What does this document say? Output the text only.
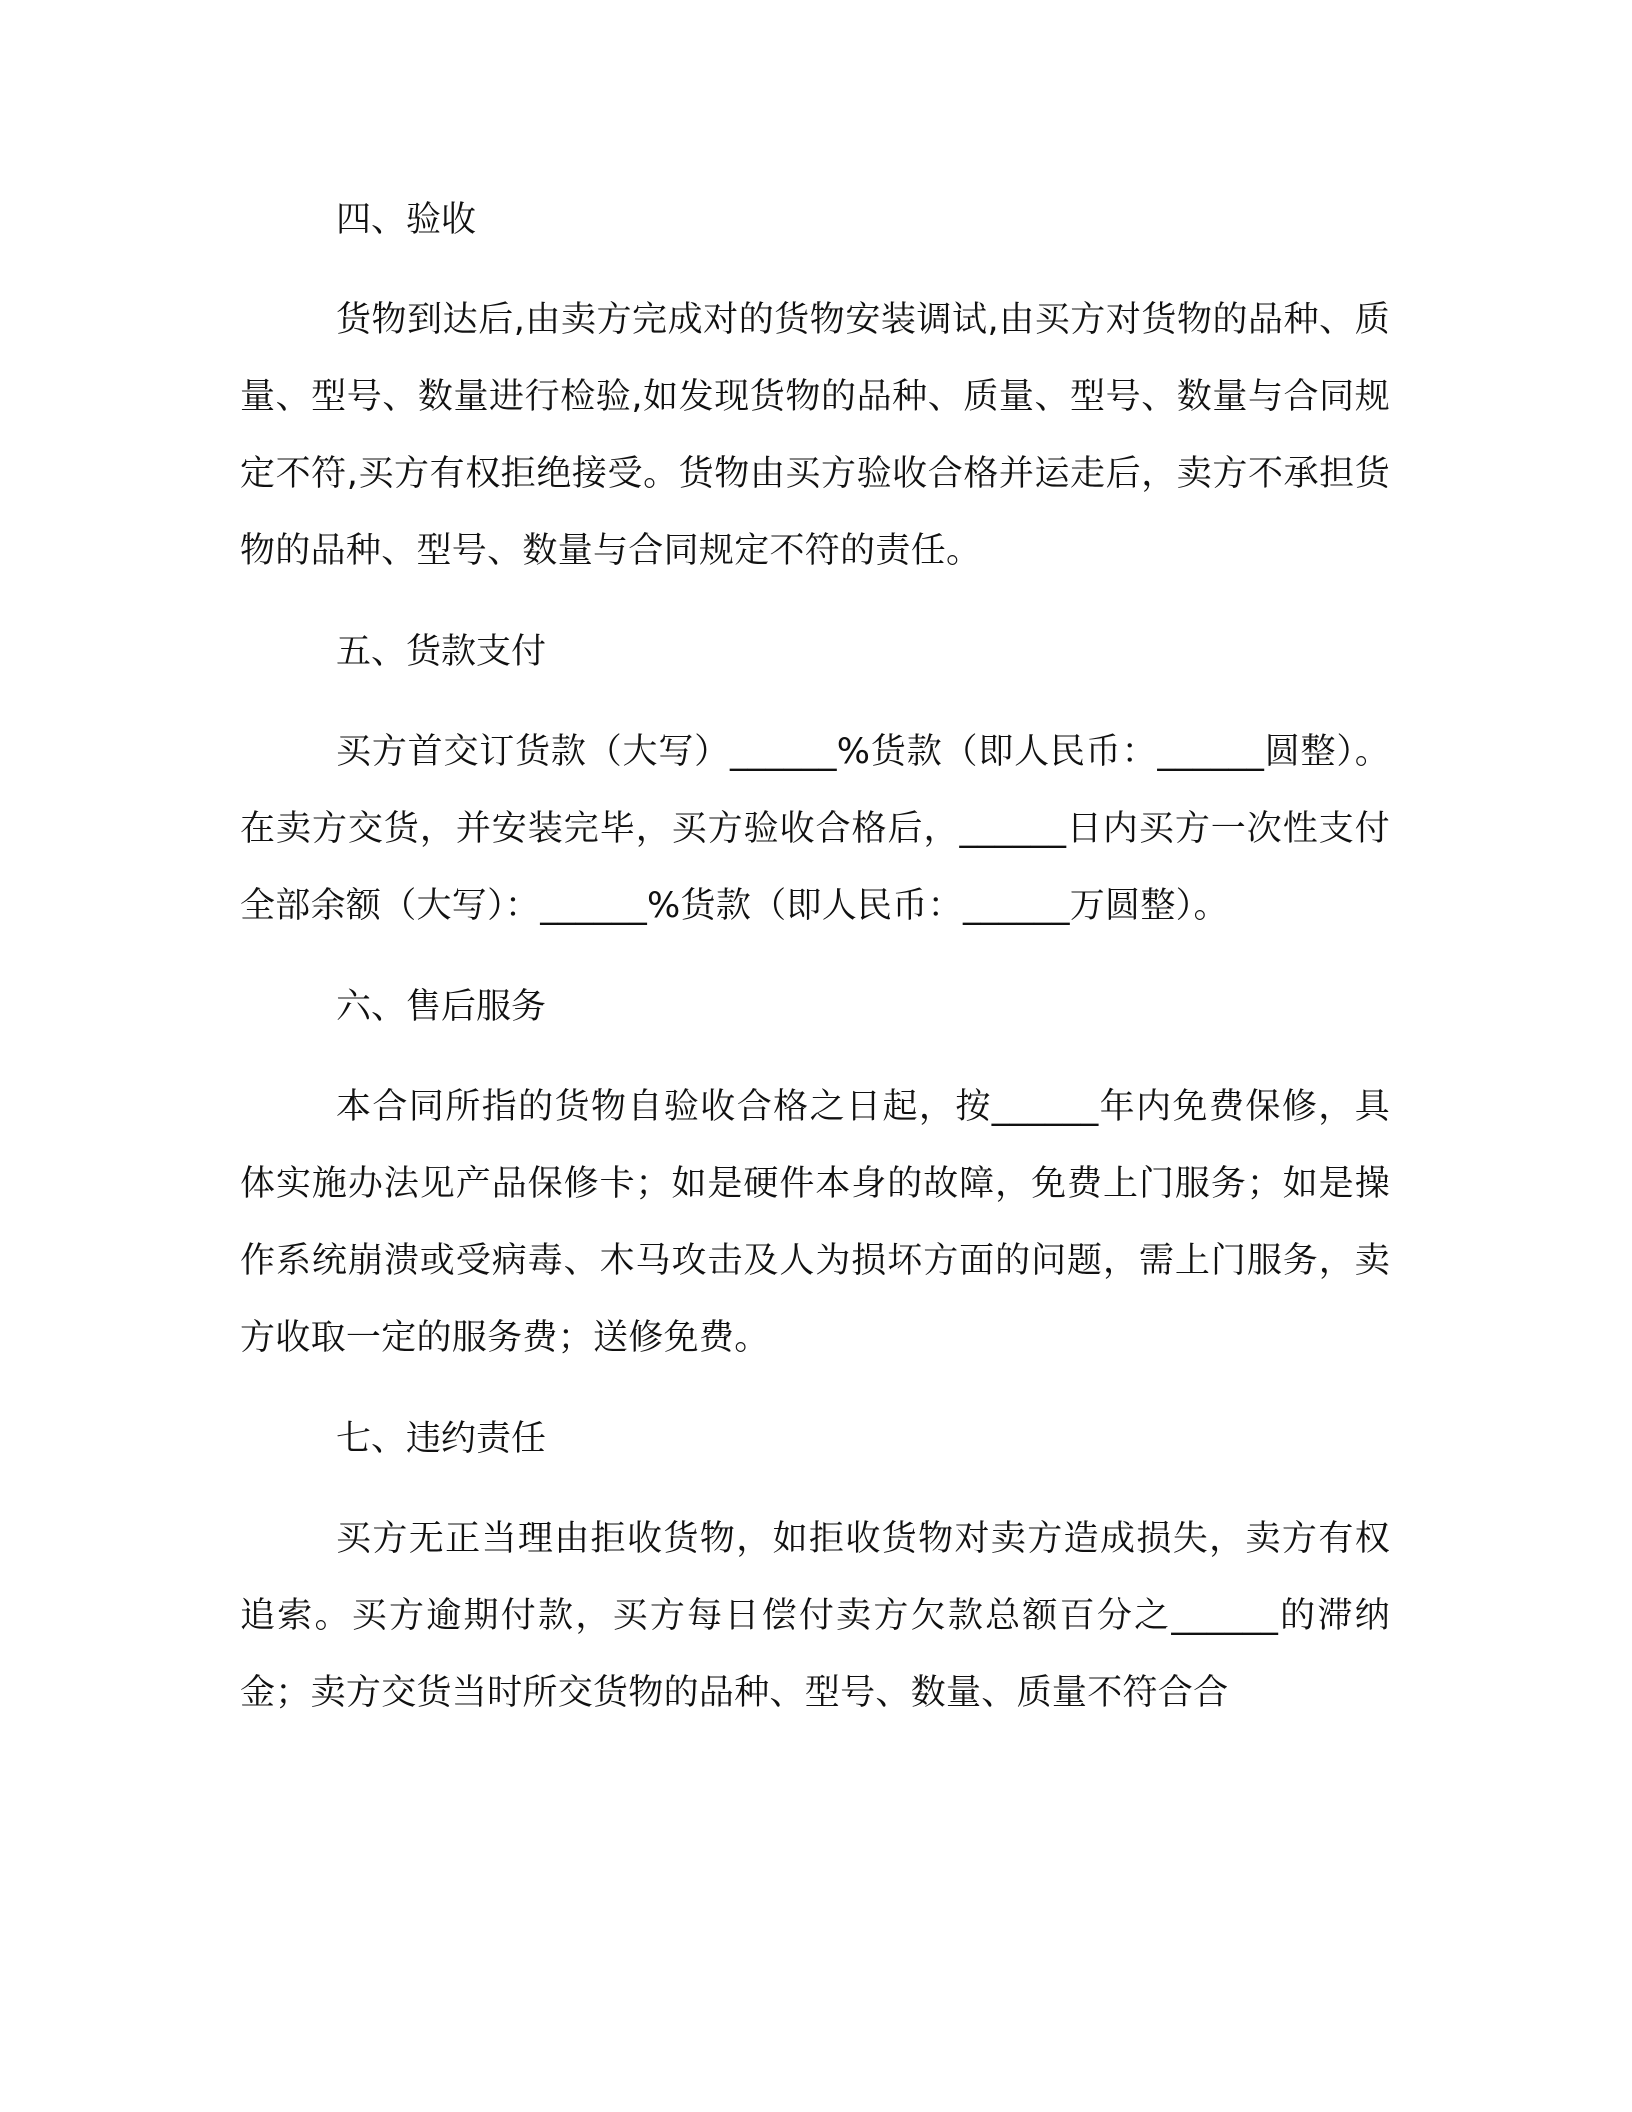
四、验收
货物到达后,由卖方完成对的货物安装调试,由买方对货物的品种、质量、型号、数量进行检验,如发现货物的品种、质量、型号、数量与合同规定不符,买方有权拒绝接受。货物由买方验收合格并运走后，卖方不承担货物的品种、型号、数量与合同规定不符的责任。
五、货款支付
买方首交订货款（大写）______%货款（即人民币：______圆整）。在卖方交货，并安装完毕，买方验收合格后，______日内买方一次性支付全部余额（大写）：______%货款（即人民币：______万圆整）。
六、售后服务
本合同所指的货物自验收合格之日起，按______年内免费保修，具体实施办法见产品保修卡；如是硬件本身的故障，免费上门服务；如是操作系统崩溃或受病毒、木马攻击及人为损坏方面的问题，需上门服务，卖方收取一定的服务费；送修免费。
七、违约责任
买方无正当理由拒收货物，如拒收货物对卖方造成损失，卖方有权追索。买方逾期付款，买方每日偿付卖方欠款总额百分之______的滞纳金；卖方交货当时所交货物的品种、型号、数量、质量不符合合
